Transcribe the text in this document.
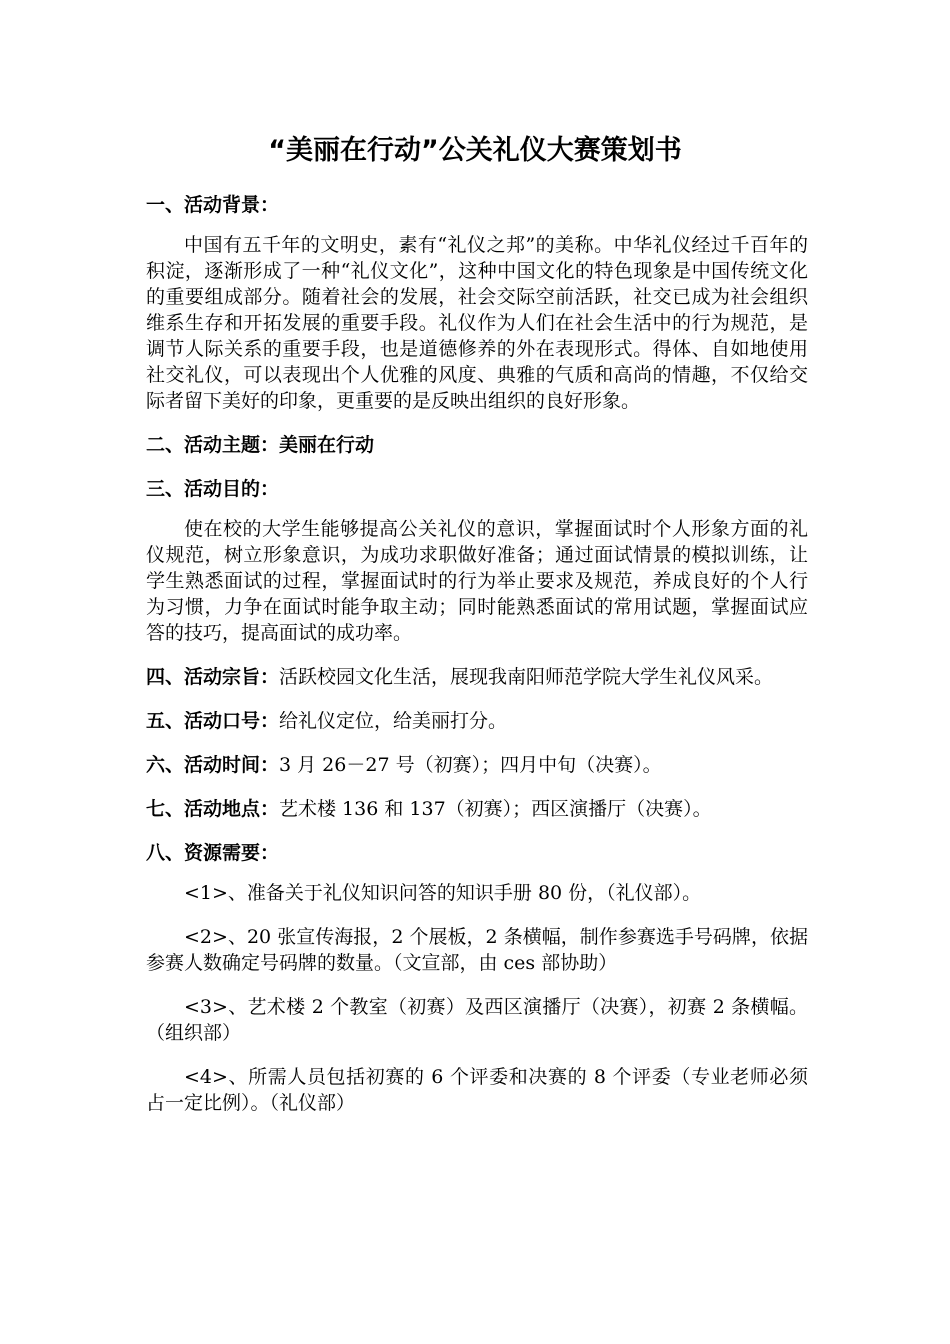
“美丽在行动”公关礼仪大赛策划书
一、活动背景：
中国有五千年的文明史，素有“礼仪之邦”的美称。中华礼仪经过千百年的积淀，逐渐形成了一种“礼仪文化”，这种中国文化的特色现象是中国传统文化的重要组成部分。随着社会的发展，社会交际空前活跃，社交已成为社会组织维系生存和开拓发展的重要手段。礼仪作为人们在社会生活中的行为规范，是调节人际关系的重要手段，也是道德修养的外在表现形式。得体、自如地使用社交礼仪，可以表现出个人优雅的风度、典雅的气质和高尚的情趣，不仅给交际者留下美好的印象，更重要的是反映出组织的良好形象。
二、活动主题：美丽在行动
三、活动目的：
使在校的大学生能够提高公关礼仪的意识，掌握面试时个人形象方面的礼仪规范，树立形象意识，为成功求职做好准备；通过面试情景的模拟训练，让学生熟悉面试的过程，掌握面试时的行为举止要求及规范，养成良好的个人行为习惯，力争在面试时能争取主动；同时能熟悉面试的常用试题，掌握面试应答的技巧，提高面试的成功率。
四、活动宗旨：活跃校园文化生活，展现我南阳师范学院大学生礼仪风采。
五、活动口号：给礼仪定位，给美丽打分。
六、活动时间：3 月 26－27 号（初赛）；四月中旬（决赛）。
七、活动地点：艺术楼 136 和 137（初赛）；西区演播厅（决赛）。
八、资源需要：
<1>、准备关于礼仪知识问答的知识手册 80 份，（礼仪部）。
<2>、20 张宣传海报，2 个展板，2 条横幅，制作参赛选手号码牌，依据参赛人数确定号码牌的数量。（文宣部，由 ces 部协助）
<3>、艺术楼 2 个教室（初赛）及西区演播厅（决赛），初赛 2 条横幅。（组织部）
<4>、所需人员包括初赛的 6 个评委和决赛的 8 个评委（专业老师必须占一定比例）。（礼仪部）
